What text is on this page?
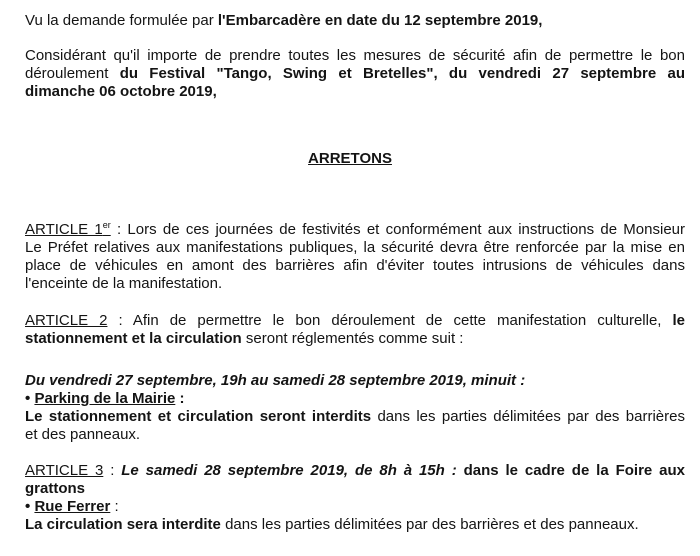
Vu la demande formulée par l'Embarcadère en date du 12 septembre 2019,

Considérant qu'il importe de prendre toutes les mesures de sécurité afin de permettre le bon
déroulement du Festival "Tango, Swing et Bretelles", du vendredi 27 septembre au
dimanche 06 octobre 2019,

ARRETONS

ARTICLE 1er : Lors de ces journées de festivités et conformément aux instructions de Monsieur
Le Préfet relatives aux manifestations publiques, la sécurité devra être renforcée par la mise en
place de véhicules en amont des barrières afin d'éviter toutes intrusions de véhicules dans
l'enceinte de la manifestation.

ARTICLE 2 : Afin de permettre le bon déroulement de cette manifestation culturelle, le
stationnement et la circulation seront réglementés comme suit :

Du vendredi 27 septembre, 19h au samedi 28 septembre 2019, minuit :
• Parking de la Mairie :
Le stationnement et circulation seront interdits dans les parties délimitées par des barrières
et des panneaux.

ARTICLE 3 : Le samedi 28 septembre 2019, de 8h à 15h : dans le cadre de la Foire aux
grattons
• Rue Ferrer :
La circulation sera interdite dans les parties délimitées par des barrières et des panneaux.
